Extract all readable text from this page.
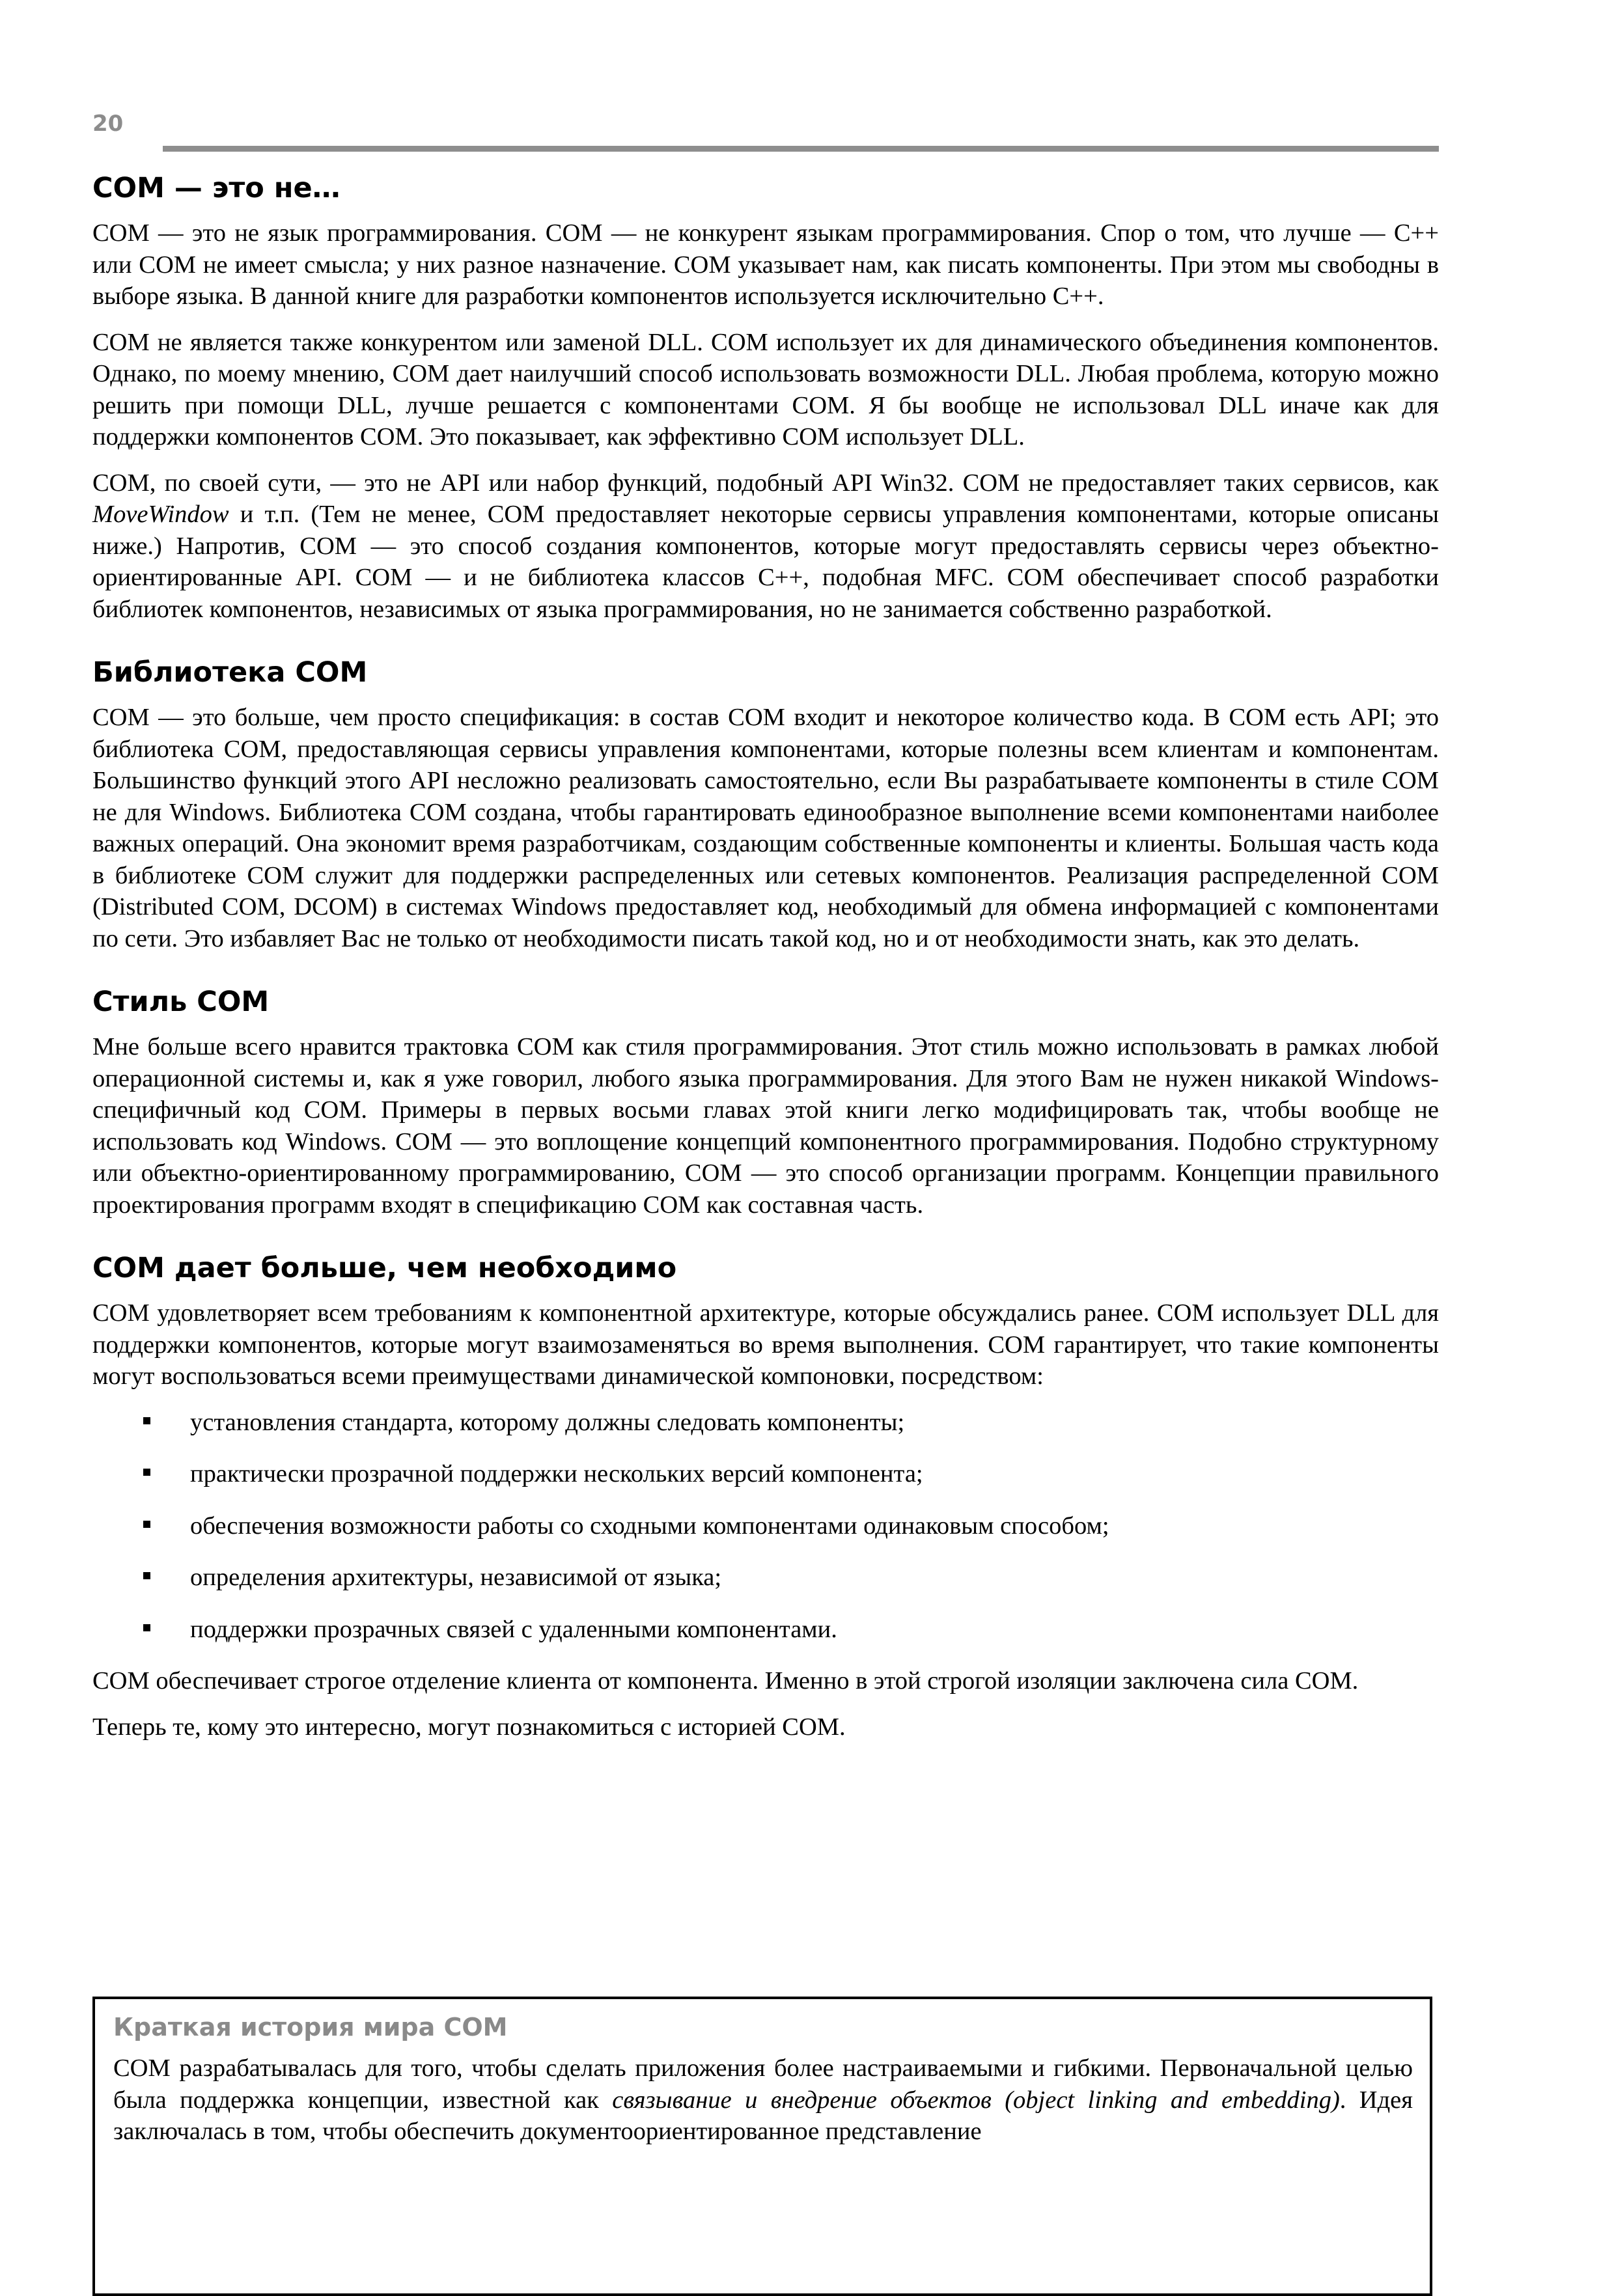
20
COM — это не…

COM — это не язык программирования. COM — не конкурент языкам программирования. Спор о том, что лучше — C++ или COM не имеет смысла; у них разное назначение. COM указывает нам, как писать компоненты. При этом мы свободны в выборе языка. В данной книге для разработки компонентов используется исключительно C++.

COM не является также конкурентом или заменой DLL. COM использует их для динамического объединения компонентов. Однако, по моему мнению, COM дает наилучший способ использовать возможности DLL. Любая проблема, которую можно решить при помощи DLL, лучше решается с компонентами COM. Я бы вообще не использовал DLL иначе как для поддержки компонентов COM. Это показывает, как эффективно COM использует DLL.

COM, по своей сути, — это не API или набор функций, подобный API Win32. COM не предоставляет таких сервисов, как MoveWindow и т.п. (Тем не менее, COM предоставляет некоторые сервисы управления компонентами, которые описаны ниже.) Напротив, COM — это способ создания компонентов, которые могут предоставлять сервисы через объектно-ориентированные API. COM — и не библиотека классов C++, подобная MFC. COM обеспечивает способ разработки библиотек компонентов, независимых от языка программирования, но не занимается собственно разработкой.

Библиотека COM

COM — это больше, чем просто спецификация: в состав COM входит и некоторое количество кода. В COM есть API; это библиотека COM, предоставляющая сервисы управления компонентами, которые полезны всем клиентам и компонентам. Большинство функций этого API несложно реализовать самостоятельно, если Вы разрабатываете компоненты в стиле COM не для Windows. Библиотека COM создана, чтобы гарантировать единообразное выполнение всеми компонентами наиболее важных операций. Она экономит время разработчикам, создающим собственные компоненты и клиенты. Большая часть кода в библиотеке COM служит для поддержки распределенных или сетевых компонентов. Реализация распределенной COM (Distributed COM, DCOM) в системах Windows предоставляет код, необходимый для обмена информацией с компонентами по сети. Это избавляет Вас не только от необходимости писать такой код, но и от необходимости знать, как это делать.

Стиль COM

Мне больше всего нравится трактовка COM как стиля программирования. Этот стиль можно использовать в рамках любой операционной системы и, как я уже говорил, любого языка программирования. Для этого Вам не нужен никакой Windows-специфичный код COM. Примеры в первых восьми главах этой книги легко модифицировать так, чтобы вообще не использовать код Windows. COM — это воплощение концепций компонентного программирования. Подобно структурному или объектно-ориентированному программированию, COM — это способ организации программ. Концепции правильного проектирования программ входят в спецификацию COM как составная часть.

COM дает больше, чем необходимо

COM удовлетворяет всем требованиям к компонентной архитектуре, которые обсуждались ранее. COM использует DLL для поддержки компонентов, которые могут взаимозаменяться во время выполнения. COM гарантирует, что такие компоненты могут воспользоваться всеми преимуществами динамической компоновки, посредством:

установления стандарта, которому должны следовать компоненты;
практически прозрачной поддержки нескольких версий компонента;
обеспечения возможности работы со сходными компонентами одинаковым способом;
определения архитектуры, независимой от языка;
поддержки прозрачных связей с удаленными компонентами.

COM обеспечивает строгое отделение клиента от компонента. Именно в этой строгой изоляции заключена сила COM.

Теперь те, кому это интересно, могут познакомиться с историей COM.

Краткая история мира COM

COM разрабатывалась для того, чтобы сделать приложения более настраиваемыми и гибкими. Первоначальной целью была поддержка концепции, известной как связывание и внедрение объектов (object linking and embedding). Идея заключалась в том, чтобы обеспечить документоориентированное представление
